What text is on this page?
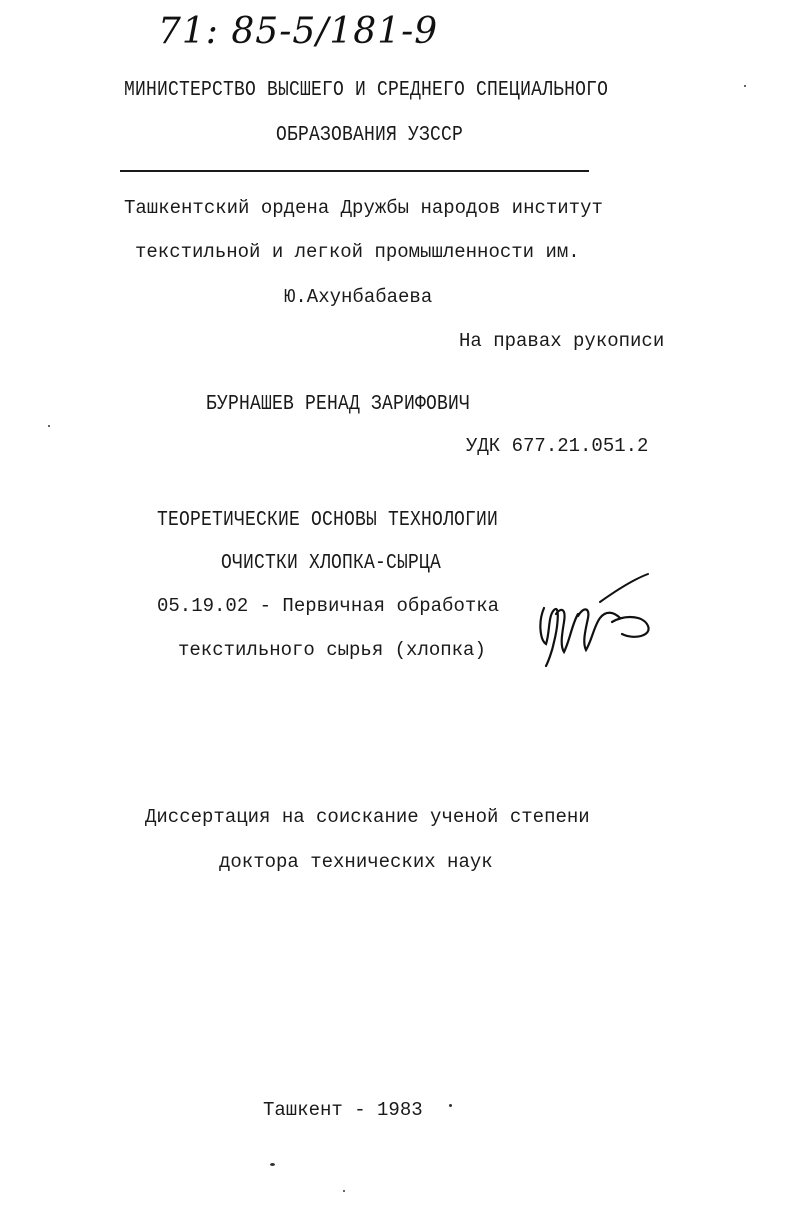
71: 85-5/181-9
МИНИСТЕРСТВО ВЫСШЕГО И СРЕДНЕГО СПЕЦИАЛЬНОГО
ОБРАЗОВАНИЯ УЗССР
Ташкентский ордена Дружбы народов институт
текстильной и легкой промышленности им.
Ю.Ахунбабаева
На правах рукописи
БУРНАШЕВ РЕНАД ЗАРИФОВИЧ
УДК 677.21.051.2
ТЕОРЕТИЧЕСКИЕ ОСНОВЫ ТЕХНОЛОГИИ
ОЧИСТКИ ХЛОПКА-СЫРЦА
05.19.02 - Первичная обработка
текстильного сырья (хлопка)
Диссертация на соискание ученой степени
доктора технических наук
Ташкент - 1983
